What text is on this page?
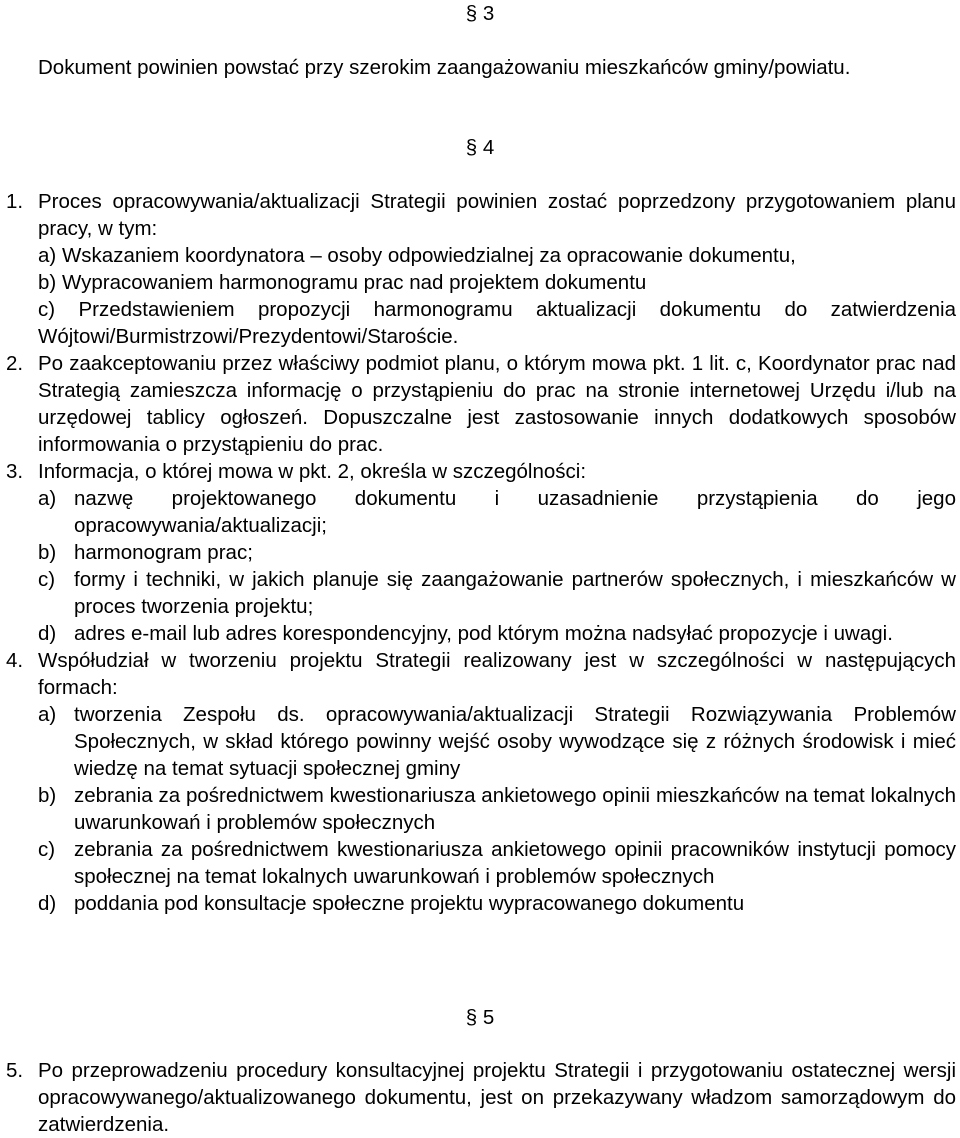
§ 3
Dokument powinien powstać przy szerokim zaangażowaniu mieszkańców gminy/powiatu.
§ 4
1. Proces opracowywania/aktualizacji Strategii powinien zostać poprzedzony przygotowaniem planu pracy, w tym:
a) Wskazaniem koordynatora – osoby odpowiedzialnej za opracowanie dokumentu,
b) Wypracowaniem harmonogramu prac nad projektem dokumentu
c) Przedstawieniem propozycji harmonogramu aktualizacji dokumentu do zatwierdzenia Wójtowi/Burmistrzowi/Prezydentowi/Staroście.
2. Po zaakceptowaniu przez właściwy podmiot planu, o którym mowa pkt. 1 lit. c, Koordynator prac nad Strategią zamieszcza informację o przystąpieniu do prac na stronie internetowej Urzędu i/lub na urzędowej tablicy ogłoszeń. Dopuszczalne jest zastosowanie innych dodatkowych sposobów informowania o przystąpieniu do prac.
3. Informacja, o której mowa w pkt. 2, określa w szczególności:
a) nazwę projektowanego dokumentu i uzasadnienie przystąpienia do jego opracowywania/aktualizacji;
b) harmonogram prac;
c) formy i techniki, w jakich planuje się zaangażowanie partnerów społecznych, i mieszkańców w proces tworzenia projektu;
d) adres e-mail lub adres korespondencyjny, pod którym można nadsyłać propozycje i uwagi.
4. Współudział w tworzeniu projektu Strategii realizowany jest w szczególności w następujących formach:
a) tworzenia Zespołu ds. opracowywania/aktualizacji Strategii Rozwiązywania Problemów Społecznych, w skład którego powinny wejść osoby wywodzące się z różnych środowisk i mieć wiedzę na temat sytuacji społecznej gminy
b) zebrania za pośrednictwem kwestionariusza ankietowego opinii mieszkańców na temat lokalnych uwarunkowań i problemów społecznych
c) zebrania za pośrednictwem kwestionariusza ankietowego opinii pracowników instytucji pomocy społecznej na temat lokalnych uwarunkowań i problemów społecznych
d) poddania pod konsultacje społeczne projektu wypracowanego dokumentu
§ 5
5. Po przeprowadzeniu procedury konsultacyjnej projektu Strategii i przygotowaniu ostatecznej wersji opracowywanego/aktualizowanego dokumentu, jest on przekazywany władzom samorządowym do zatwierdzenia.
